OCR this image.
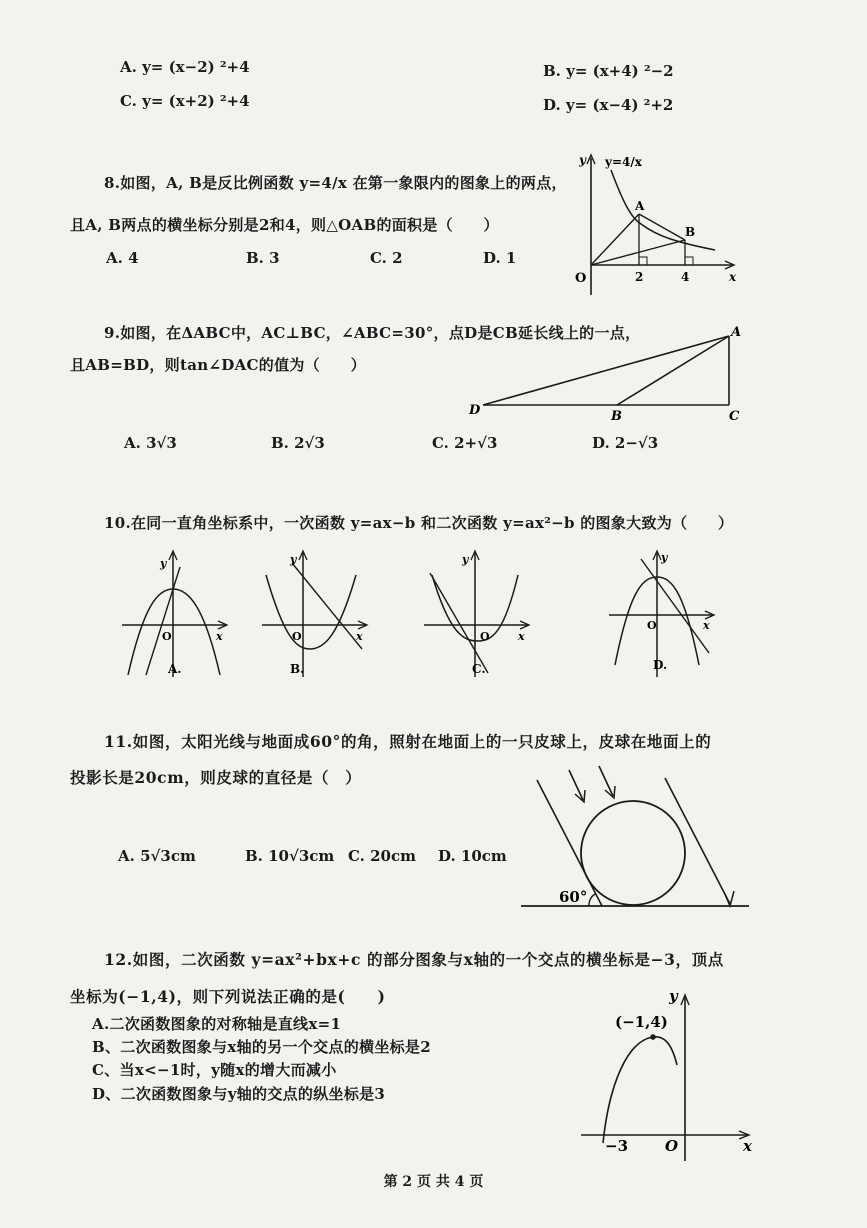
A. y= (x−2) ²+4	B. y= (x+4) ²−2
C. y= (x+2) ²+4	D. y= (x−4) ²+2
8.如图，A, B是反比例函数 y=4/x 在第一象限内的图象上的两点，
且A, B两点的横坐标分别是2和4，则△OAB的面积是（　　）
A. 4	B. 3	C. 2	D. 1
y=4/x
A
B
O	2	4	x
y
9.如图，在ΔABC中，AC⊥BC，∠ABC=30°，点D是CB延长线上的一点，
且AB=BD，则tan∠DAC的值为（　　）
A. 3√3	B. 2√3	C. 2+√3	D. 2−√3
A
B	C
D
10.在同一直角坐标系中，一次函数 y=ax−b 和二次函数 y=ax²−b 的图象大致为（　　）
O	x
y
A.
O	x
y
B.
O	x
y
C.
O	x
y
D.
11.如图，太阳光线与地面成60°的角，照射在地面上的一只皮球上，皮球在地面上的
投影长是20cm，则皮球的直径是（　）
A. 5√3cm	B. 10√3cm C. 20cm D. 10cm
60°
12.如图，二次函数 y=ax²+bx+c 的部分图象与x轴的一个交点的横坐标是−3，顶点
坐标为(−1,4)，则下列说法正确的是(　　)
A.二次函数图象的对称轴是直线x=1
B、二次函数图象与x轴的另一个交点的横坐标是2
C、当x<−1时，y随x的增大而减小
D、二次函数图象与y轴的交点的纵坐标是3
(−1,4)
−3 O	x
y
第 2 页 共 4 页
